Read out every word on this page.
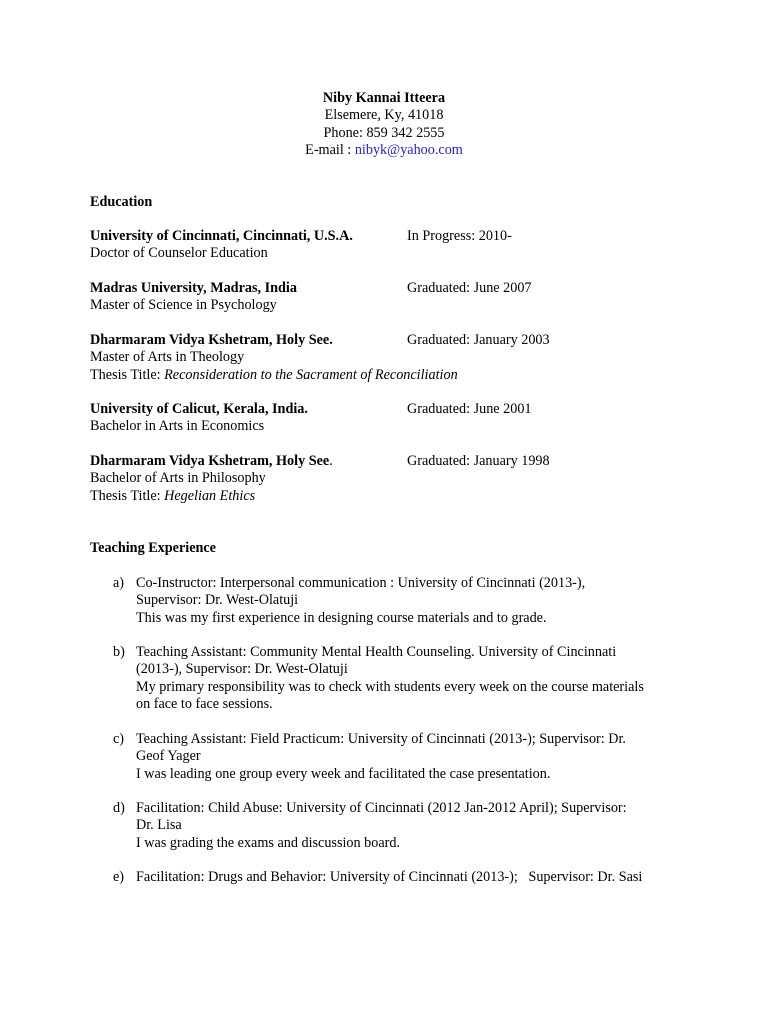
Niby Kannai Itteera
Elsemere, Ky, 41018
Phone: 859 342 2555
E-mail : nibyk@yahoo.com
Education
University of Cincinnati, Cincinnati, U.S.A.	In Progress: 2010-
Doctor of Counselor Education
Madras University, Madras, India	Graduated: June 2007
Master of Science in Psychology
Dharmaram Vidya Kshetram, Holy See.	Graduated: January 2003
Master of Arts in Theology
Thesis Title: Reconsideration to the Sacrament of Reconciliation
University of Calicut, Kerala, India.	Graduated: June 2001
Bachelor in Arts in Economics
Dharmaram Vidya Kshetram, Holy See.	Graduated: January 1998
Bachelor of Arts in Philosophy
Thesis Title: Hegelian Ethics
Teaching Experience
a) Co-Instructor: Interpersonal communication : University of Cincinnati (2013-),
Supervisor: Dr. West-Olatuji
This was my first experience in designing course materials and to grade.
b) Teaching Assistant: Community Mental Health Counseling. University of Cincinnati
(2013-), Supervisor: Dr. West-Olatuji
My primary responsibility was to check with students every week on the course materials
on face to face sessions.
c) Teaching Assistant: Field Practicum: University of Cincinnati (2013-); Supervisor: Dr.
Geof Yager
I was leading one group every week and facilitated the case presentation.
d) Facilitation: Child Abuse: University of Cincinnati (2012 Jan-2012 April); Supervisor:
Dr. Lisa
I was grading the exams and discussion board.
e) Facilitation: Drugs and Behavior: University of Cincinnati (2013-);   Supervisor: Dr. Sasi
